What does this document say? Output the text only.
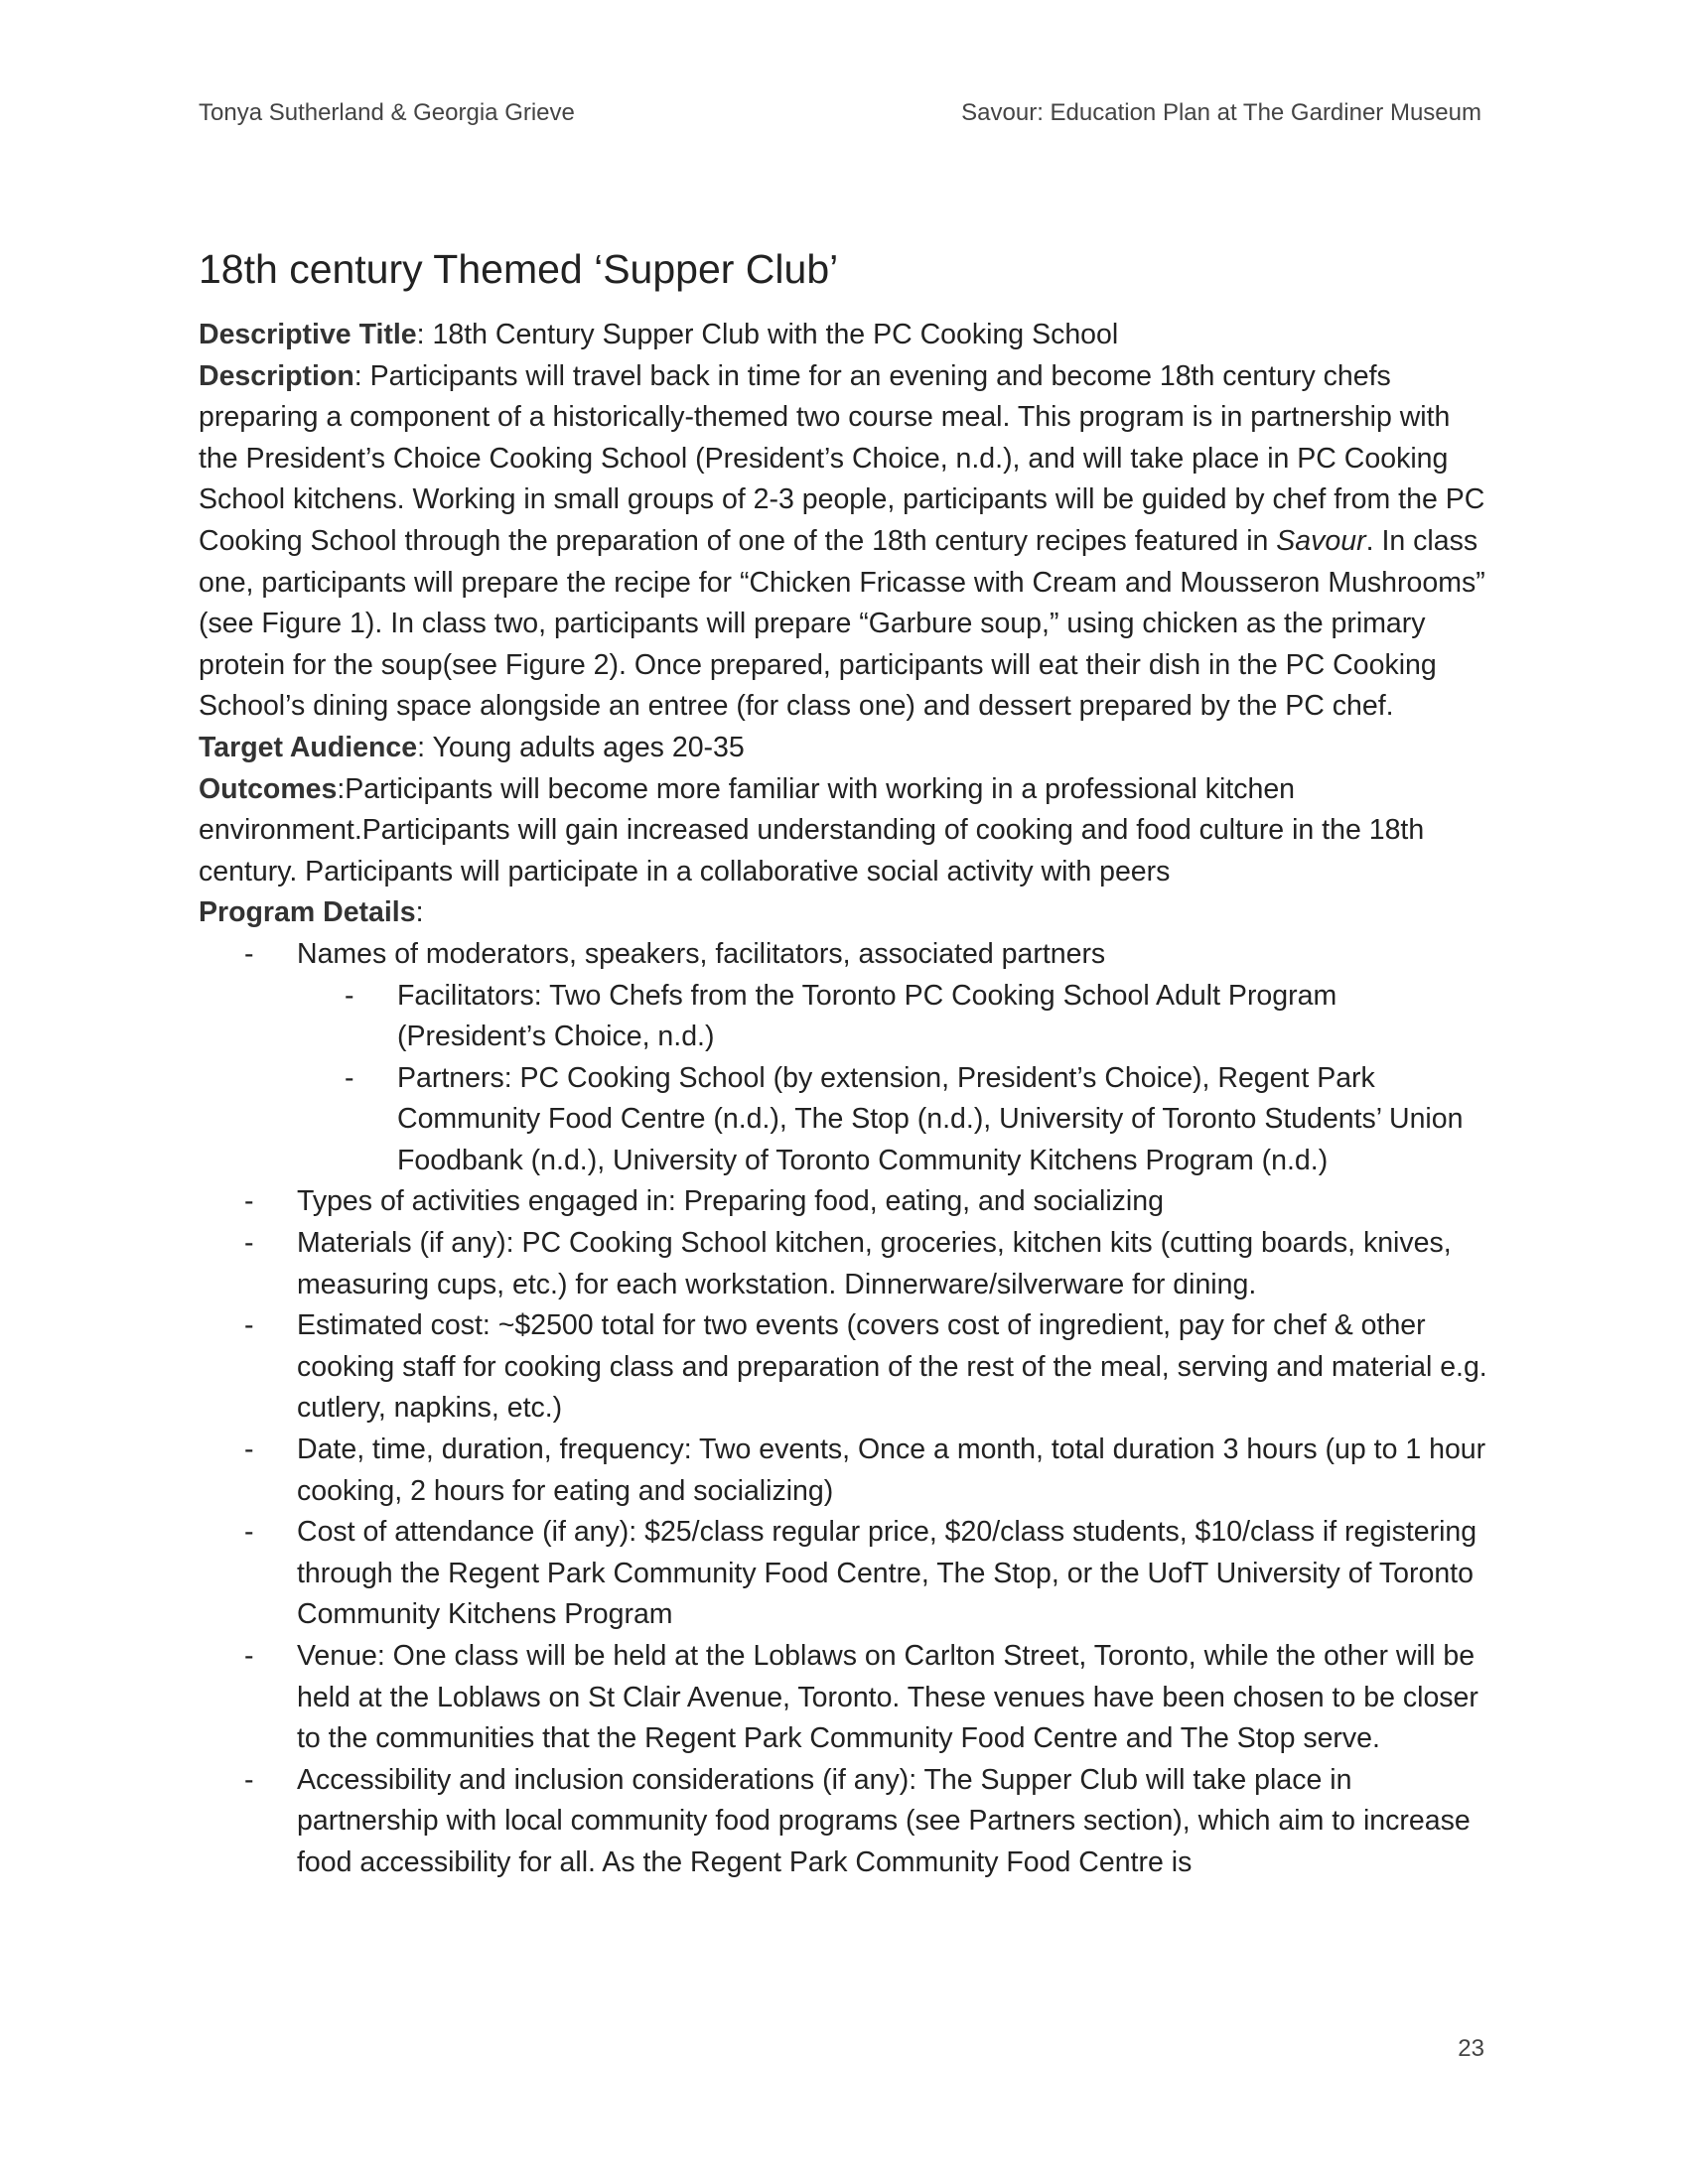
Tonya Sutherland & Georgia Grieve	Savour: Education Plan at The Gardiner Museum
18th century Themed ‘Supper Club’

Descriptive Title: 18th Century Supper Club with the PC Cooking School

Description: Participants will travel back in time for an evening and become 18th century chefs preparing a component of a historically-themed two course meal. This program is in partnership with the President’s Choice Cooking School (President’s Choice, n.d.), and will take place in PC Cooking School kitchens. Working in small groups of 2-3 people, participants will be guided by chef from the PC Cooking School through the preparation of one of the 18th century recipes featured in Savour. In class one, participants will prepare the recipe for “Chicken Fricasse with Cream and Mousseron Mushrooms” (see Figure 1). In class two, participants will prepare “Garbure soup,” using chicken as the primary protein for the soup(see Figure 2). Once prepared, participants will eat their dish in the PC Cooking School’s dining space alongside an entree (for class one) and dessert prepared by the PC chef.

Target Audience: Young adults ages 20-35

Outcomes:Participants will become more familiar with working in a professional kitchen environment.Participants will gain increased understanding of cooking and food culture in the 18th century. Participants will participate in a collaborative social activity with peers

Program Details:

- Names of moderators, speakers, facilitators, associated partners
- Facilitators: Two Chefs from the Toronto PC Cooking School Adult Program (President’s Choice, n.d.)
- Partners: PC Cooking School (by extension, President’s Choice), Regent Park Community Food Centre (n.d.), The Stop (n.d.), University of Toronto Students’ Union Foodbank (n.d.), University of Toronto Community Kitchens Program (n.d.)
- Types of activities engaged in: Preparing food, eating, and socializing
- Materials (if any): PC Cooking School kitchen, groceries, kitchen kits (cutting boards, knives, measuring cups, etc.) for each workstation. Dinnerware/silverware for dining.
- Estimated cost: ~$2500 total for two events (covers cost of ingredient, pay for chef & other cooking staff for cooking class and preparation of the rest of the meal, serving and material e.g. cutlery, napkins, etc.)
- Date, time, duration, frequency: Two events, Once a month, total duration 3 hours (up to 1 hour cooking, 2 hours for eating and socializing)
- Cost of attendance (if any): $25/class regular price, $20/class students, $10/class if registering through the Regent Park Community Food Centre, The Stop, or the UofT University of Toronto Community Kitchens Program
- Venue: One class will be held at the Loblaws on Carlton Street, Toronto, while the other will be held at the Loblaws on St Clair Avenue, Toronto. These venues have been chosen to be closer to the communities that the Regent Park Community Food Centre and The Stop serve.
- Accessibility and inclusion considerations (if any): The Supper Club will take place in partnership with local community food programs (see Partners section), which aim to increase food accessibility for all. As the Regent Park Community Food Centre is
23
